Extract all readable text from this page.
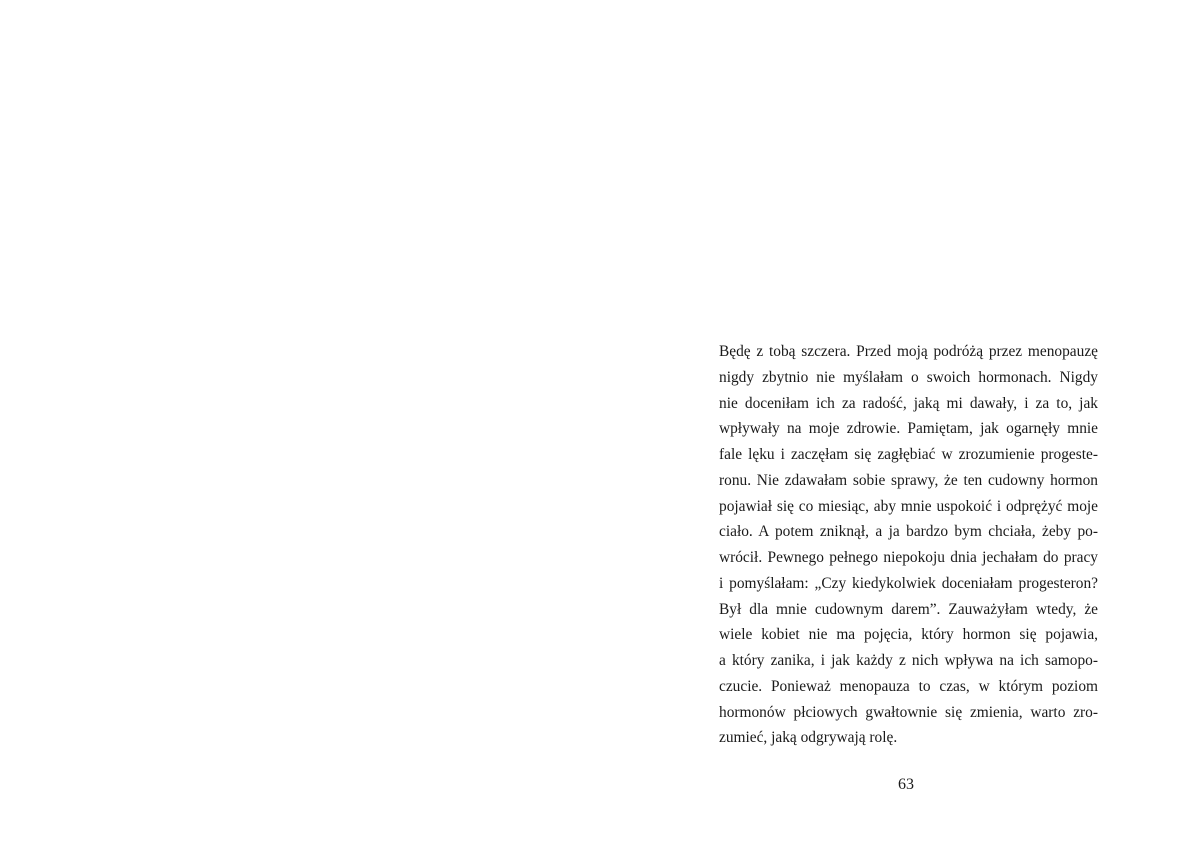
Będę z tobą szczera. Przed moją podróżą przez menopauzę
nigdy zbytnio nie myślałam o swoich hormonach. Nigdy
nie doceniłam ich za radość, jaką mi dawały, i za to, jak
wpływały na moje zdrowie. Pamiętam, jak ogarnęły mnie
fale lęku i zaczęłam się zagłębiać w zrozumienie progeste-
ronu. Nie zdawałam sobie sprawy, że ten cudowny hormon
pojawiał się co miesiąc, aby mnie uspokoić i odprężyć moje
ciało. A potem zniknął, a ja bardzo bym chciała, żeby po-
wrócił. Pewnego pełnego niepokoju dnia jechałam do pracy
i pomyślałam: „Czy kiedykolwiek doceniałam progesteron?
Był dla mnie cudownym darem”. Zauważyłam wtedy, że
wiele kobiet nie ma pojęcia, który hormon się pojawia,
a który zanika, i jak każdy z nich wpływa na ich samopo-
czucie. Ponieważ menopauza to czas, w którym poziom
hormonów płciowych gwałtownie się zmienia, warto zro-
zumieć, jaką odgrywają rolę.

63
